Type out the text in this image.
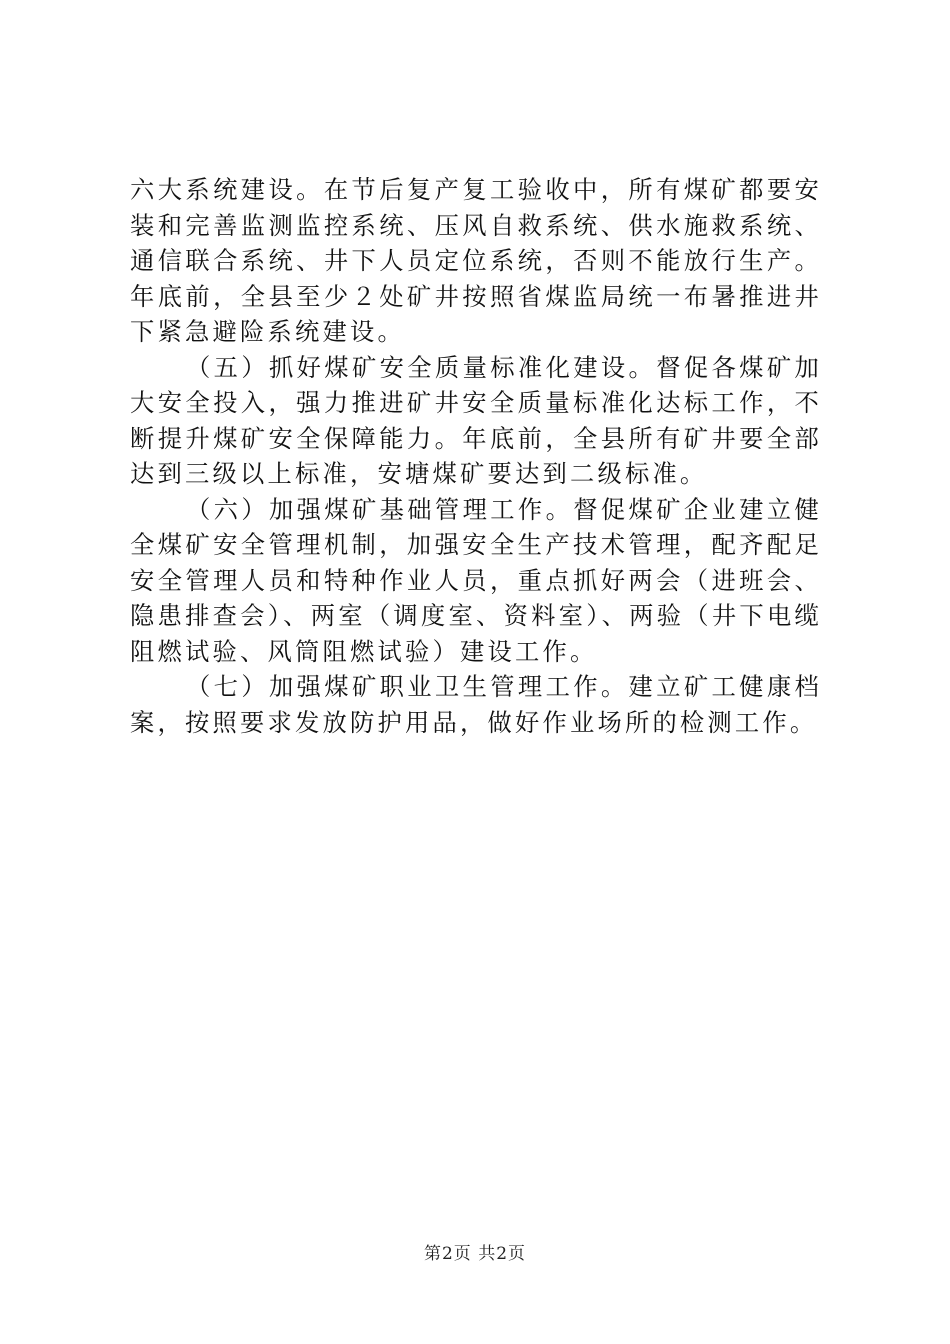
六大系统建设。在节后复产复工验收中，所有煤矿都要安装和完善监测监控系统、压风自救系统、供水施救系统、通信联合系统、井下人员定位系统，否则不能放行生产。年底前，全县至少２处矿井按照省煤监局统一布暑推进井下紧急避险系统建设。

（五）抓好煤矿安全质量标准化建设。督促各煤矿加大安全投入，强力推进矿井安全质量标准化达标工作，不断提升煤矿安全保障能力。年底前，全县所有矿井要全部达到三级以上标准，安塘煤矿要达到二级标准。

（六）加强煤矿基础管理工作。督促煤矿企业建立健全煤矿安全管理机制，加强安全生产技术管理，配齐配足安全管理人员和特种作业人员，重点抓好两会（进班会、隐患排查会）、两室（调度室、资料室）、两验（井下电缆阻燃试验、风筒阻燃试验）建设工作。

（七）加强煤矿职业卫生管理工作。建立矿工健康档案，按照要求发放防护用品，做好作业场所的检测工作。

第2页 共2页
